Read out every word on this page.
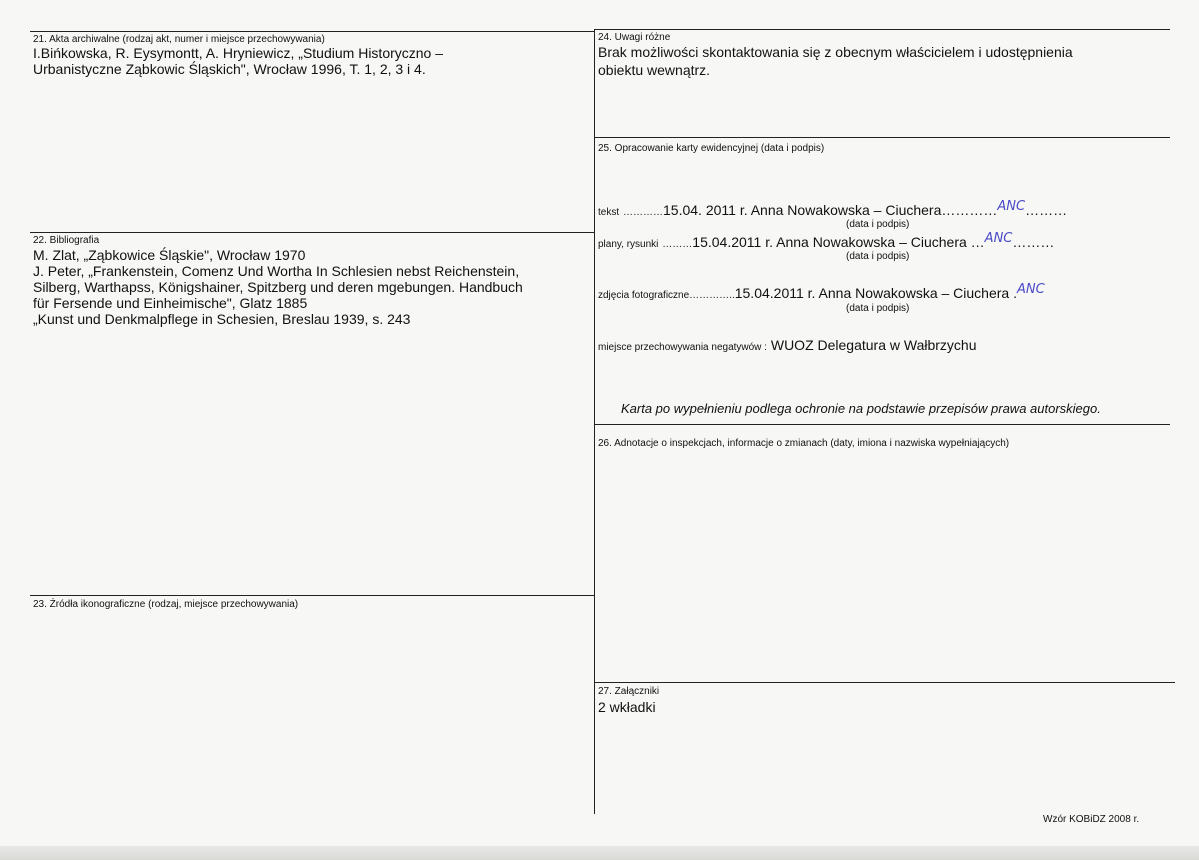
21. Akta archiwalne (rodzaj akt, numer i miejsce przechowywania)
I.Bińkowska, R. Eysymontt, A. Hryniewicz, „Studium Historyczno –
Urbanistyczne Ząbkowic Śląskich", Wrocław 1996, T. 1, 2, 3 i 4.
22. Bibliografia
M. Zlat, „Ząbkowice Śląskie", Wrocław 1970
J. Peter, „Frankenstein, Comenz Und Wortha In Schlesien nebst Reichenstein,
Silberg, Warthapss, Königshainer, Spitzberg und deren mgebungen. Handbuch
für Fersende und Einheimische", Glatz 1885
„Kunst und Denkmalpflege in Schesien, Breslau 1939, s. 243
23. Źródła ikonograficzne (rodzaj, miejsce przechowywania)
24. Uwagi różne
Brak możliwości skontaktowania się z obecnym właścicielem i udostępnienia
obiektu wewnątrz.
25. Opracowanie karty ewidencyjnej (data i podpis)
tekst …………15.04. 2011 r. Anna Nowakowska – Ciuchera…………ANC………
(data i podpis)
plany, rysunki ………15.04.2011 r. Anna Nowakowska – Ciuchera …ANC………
(data i podpis)
zdjęcia fotograficzne…………..15.04.2011 r. Anna Nowakowska – Ciuchera .ANC
(data i podpis)
miejsce przechowywania negatywów : WUOZ Delegatura w Wałbrzychu
Karta po wypełnieniu podlega ochronie na podstawie przepisów prawa autorskiego.
26. Adnotacje o inspekcjach, informacje o zmianach (daty, imiona i nazwiska wypełniających)
27. Załączniki
2 wkładki
Wzór KOBiDZ 2008 r.
